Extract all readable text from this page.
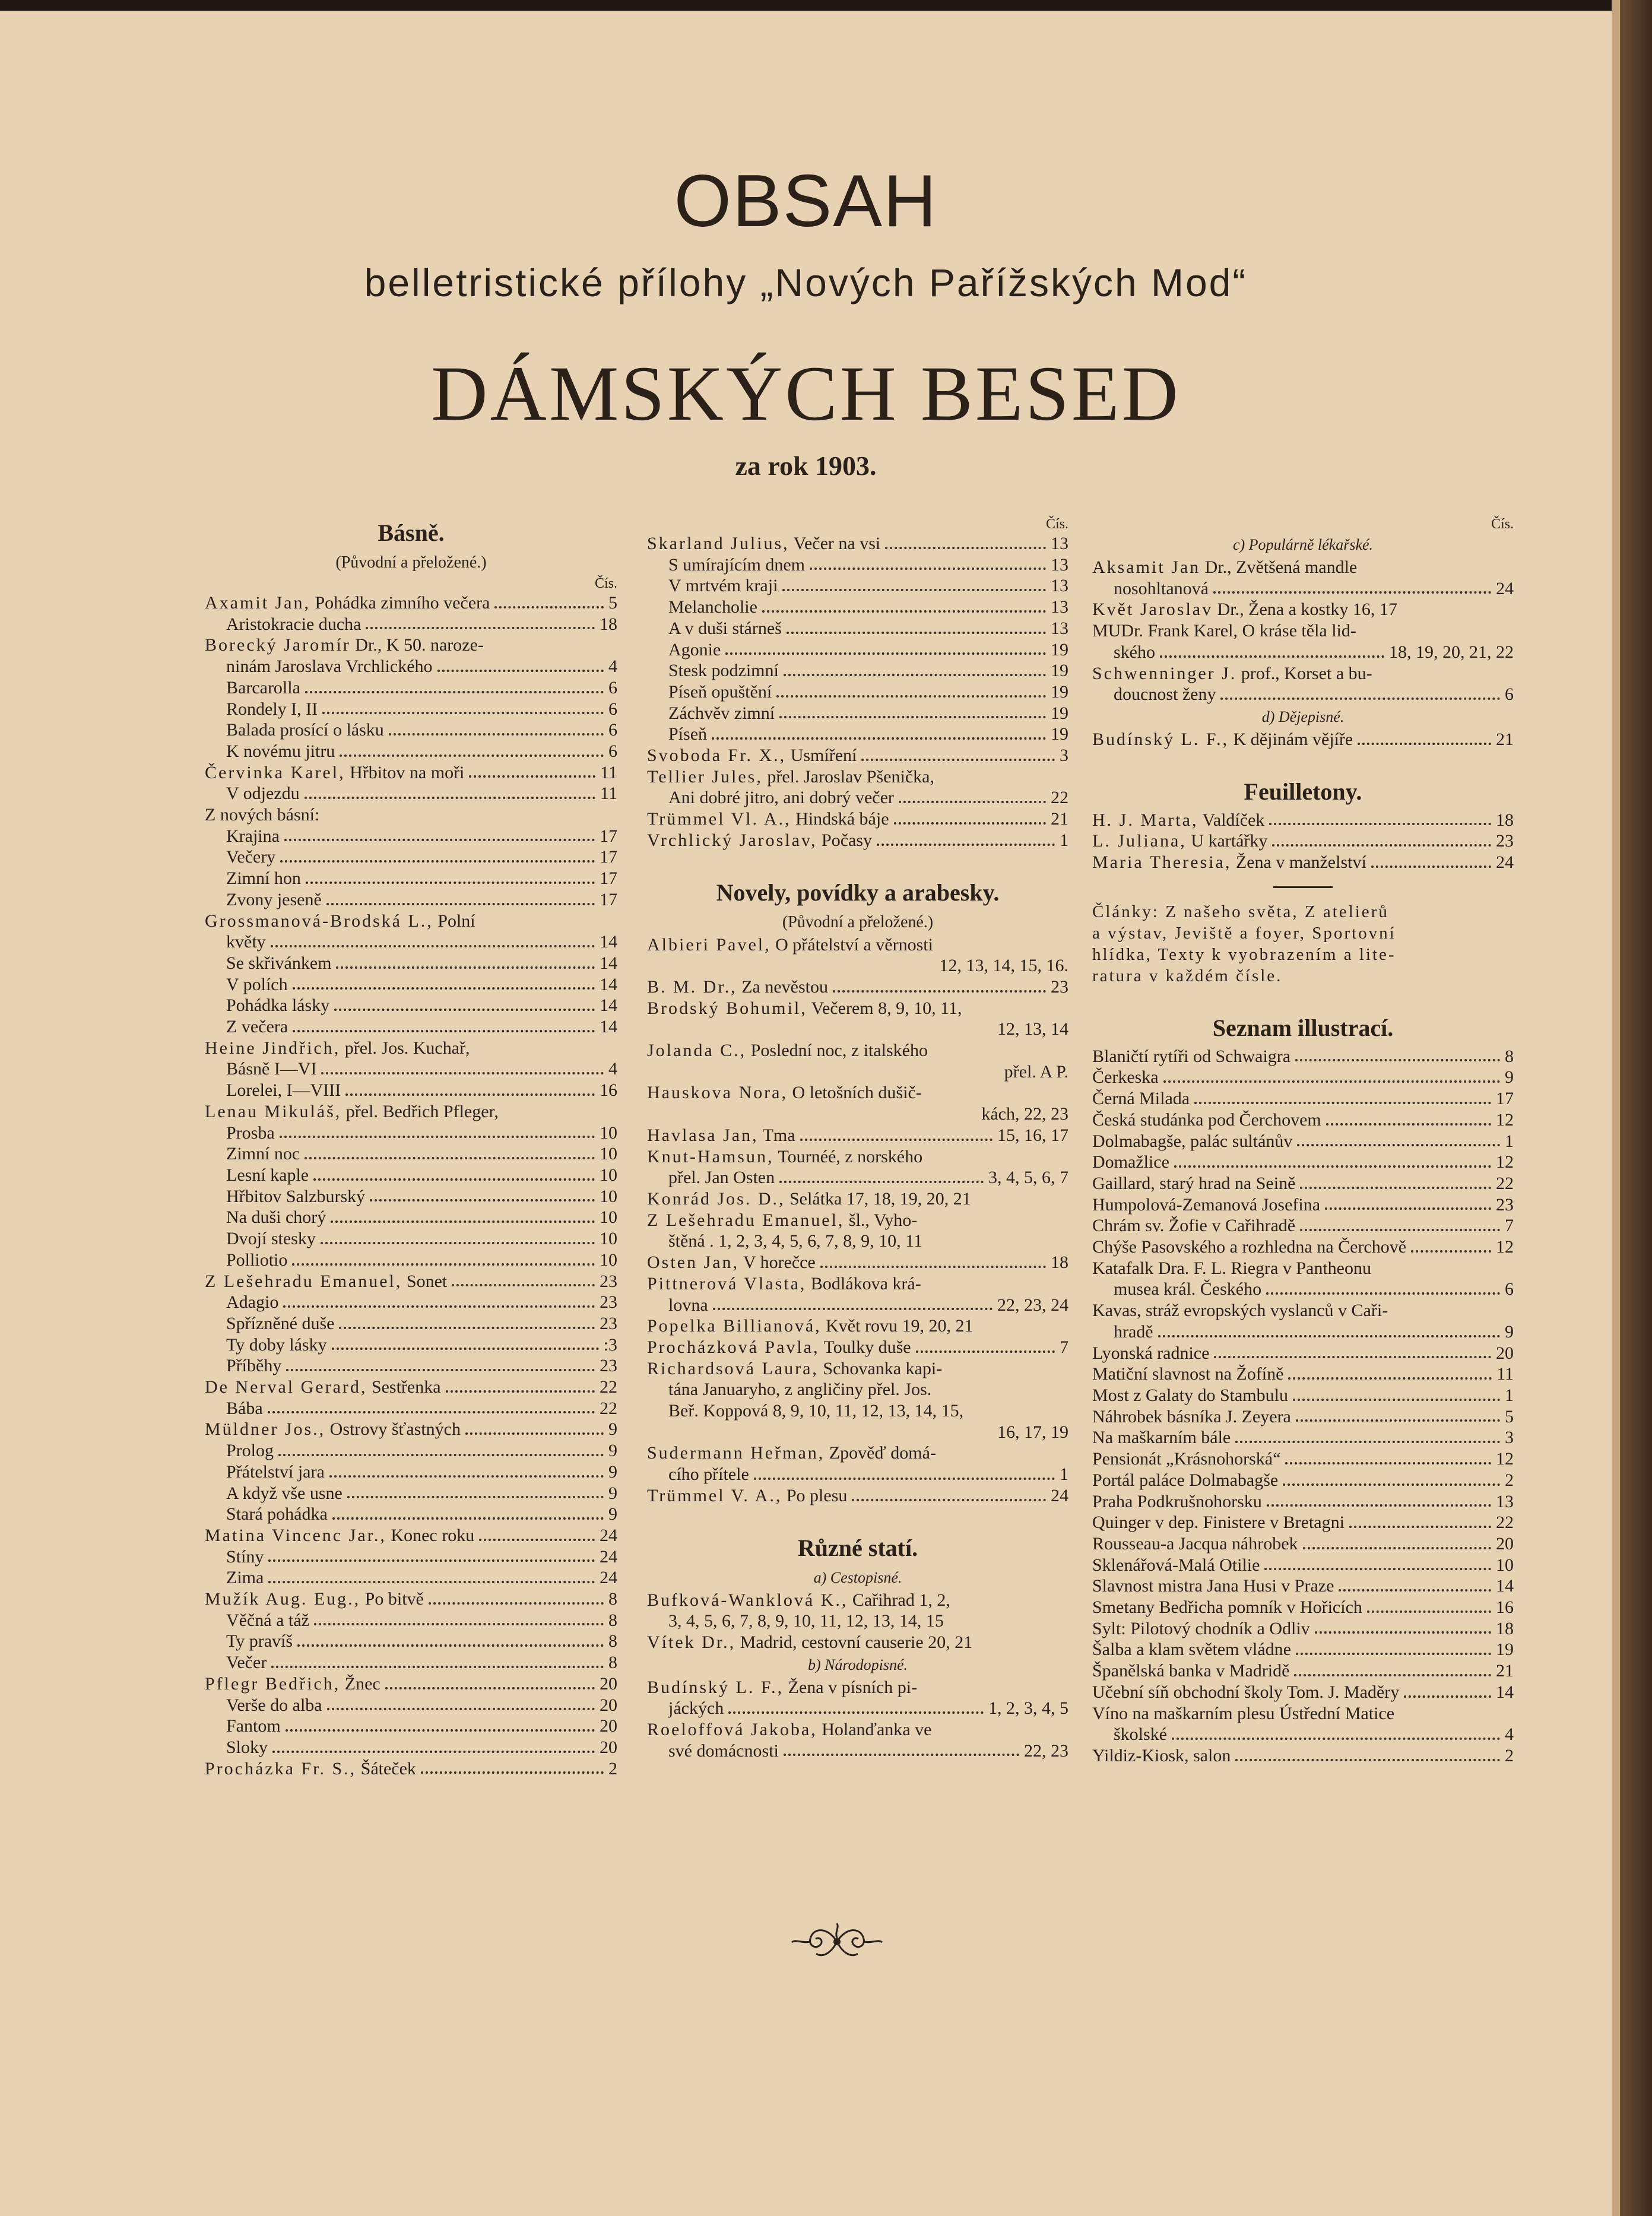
OBSAH
belletristické přílohy „Nových Pařížských Mod“
DÁMSKÝCH BESED
za rok 1903.
Básně.
(Původní a přeložené.)
Čís.
Axamit Jan, Pohádka zimního večera	5
Aristokracie ducha	18
Borecký Jaromír Dr., K 50. naroze-
ninám Jaroslava Vrchlického	4
Barcarolla	6
Rondely I, II	6
Balada prosící o lásku	6
K novému jitru	6
Červinka Karel, Hřbitov na moři	11
V odjezdu	11
Z nových básní:
Krajina	17
Večery	17
Zimní hon	17
Zvony jeseně	17
Grossmanová-Brodská L., Polní
květy	14
Se skřivánkem	14
V polích	14
Pohádka lásky	14
Z večera	14
Heine Jindřich, přel. Jos. Kuchař,
Básně I—VI	4
Lorelei, I—VIII	16
Lenau Mikuláš, přel. Bedřich Pfleger,
Prosba	10
Zimní noc	10
Lesní kaple	10
Hřbitov Salzburský	10
Na duši chorý	10
Dvojí stesky	10
Polliotio	10
Z Lešehradu Emanuel, Sonet	23
Adagio	23
Spřízněné duše	23
Ty doby lásky	:3
Příběhy	23
De Nerval Gerard, Sestřenka	22
Bába	22
Müldner Jos., Ostrovy šťastných	9
Prolog	9
Přátelství jara	9
A když vše usne	9
Stará pohádka	9
Matina Vincenc Jar., Konec roku	24
Stíny	24
Zima	24
Mužík Aug. Eug., Po bitvě	8
Věčná a táž	8
Ty pravíš	8
Večer	8
Pflegr Bedřich, Žnec	20
Verše do alba	20
Fantom	20
Sloky	20
Procházka Fr. S., Šáteček	2
Čís.
Skarland Julius, Večer na vsi	13
S umírajícím dnem	13
V mrtvém kraji	13
Melancholie	13
A v duši stárneš	13
Agonie	19
Stesk podzimní	19
Píseň opuštění	19
Záchvěv zimní	19
Píseň	19
Svoboda Fr. X., Usmíření	3
Tellier Jules, přel. Jaroslav Pšenička,
Ani dobré jitro, ani dobrý večer	22
Trümmel Vl. A., Hindská báje	21
Vrchlický Jaroslav, Počasy	1
Novely, povídky a arabesky.
(Původní a přeložené.)
Albieri Pavel, O přátelství a věrnosti
12, 13, 14, 15, 16.
B. M. Dr., Za nevěstou	23
Brodský Bohumil, Večerem 8, 9, 10, 11,
12, 13, 14
Jolanda C., Poslední noc, z italského
přel. A P.
Hauskova Nora, O letošních dušič-
kách, 22, 23
Havlasa Jan, Tma	15, 16, 17
Knut-Hamsun, Tournéé, z norského
přel. Jan Osten	3, 4, 5, 6, 7
Konrád Jos. D., Selátka 17, 18, 19, 20, 21
Z Lešehradu Emanuel, šl., Vyho-
štěná . 1, 2, 3, 4, 5, 6, 7, 8, 9, 10, 11
Osten Jan, V horečce	18
Pittnerová Vlasta, Bodlákova krá-
lovna	22, 23, 24
Popelka Billianová, Květ rovu 19, 20, 21
Procházková Pavla, Toulky duše	7
Richardsová Laura, Schovanka kapi-
tána Januaryho, z angličiny přel. Jos.
Beř. Koppová 8, 9, 10, 11, 12, 13, 14, 15,
16, 17, 19
Sudermann Heřman, Zpověď domá-
cího přítele	1
Trümmel V. A., Po plesu	24
Různé statí.
a) Cestopisné.
Bufková-Wanklová K., Cařihrad 1, 2,
3, 4, 5, 6, 7, 8, 9, 10, 11, 12, 13, 14, 15
Vítek Dr., Madrid, cestovní causerie 20, 21
b) Národopisné.
Budínský L. F., Žena v písních pi-
jáckých	1, 2, 3, 4, 5
Roeloffová Jakoba, Holanďanka ve
své domácnosti	22, 23
Čís.
c) Populárně lékařské.
Aksamit Jan Dr., Zvětšená mandle
nosohltanová	24
Květ Jaroslav Dr., Žena a kostky 16, 17
MUDr. Frank Karel, O kráse těla lid-
ského	18, 19, 20, 21, 22
Schwenninger J. prof., Korset a bu-
doucnost ženy	6
d) Dějepisné.
Budínský L. F., K dějinám vějíře	21
Feuilletony.
H. J. Marta, Valdíček	18
L. Juliana, U kartářky	23
Maria Theresia, Žena v manželství	24
Články: Z našeho světa, Z atelierů
a výstav, Jeviště a foyer, Sportovní
hlídka, Texty k vyobrazením a lite-
ratura v každém čísle.
Seznam illustrací.
Blaničtí rytíři od Schwaigra	8
Čerkeska	9
Černá Milada	17
Česká studánka pod Čerchovem	12
Dolmabagše, palác sultánův	1
Domažlice	12
Gaillard, starý hrad na Seině	22
Humpolová-Zemanová Josefina	23
Chrám sv. Žofie v Cařihradě	7
Chýše Pasovského a rozhledna na Čerchově	12
Katafalk Dra. F. L. Riegra v Pantheonu
musea král. Českého	6
Kavas, stráž evropských vyslanců v Caři-
hradě	9
Lyonská radnice	20
Matiční slavnost na Žofíně	11
Most z Galaty do Stambulu	1
Náhrobek básníka J. Zeyera	5
Na maškarním bále	3
Pensionát „Krásnohorská“	12
Portál paláce Dolmabagše	2
Praha Podkrušnohorsku	13
Quinger v dep. Finistere v Bretagni	22
Rousseau-a Jacqua náhrobek	20
Sklenářová-Malá Otilie	10
Slavnost mistra Jana Husi v Praze	14
Smetany Bedřicha pomník v Hořicích	16
Sylt: Pilotový chodník a Odliv	18
Šalba a klam světem vládne	19
Španělská banka v Madridě	21
Učební síň obchodní školy Tom. J. Maděry	14
Víno na maškarním plesu Ústřední Matice
školské	4
Yildiz-Kiosk, salon	2
